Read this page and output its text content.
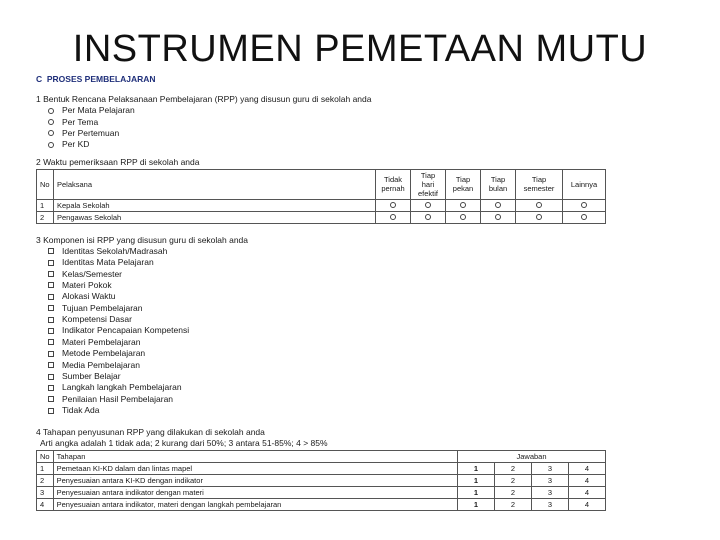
INSTRUMEN PEMETAAN MUTU
C PROSES PEMBELAJARAN
1 Bentuk Rencana Pelaksanaan Pembelajaran (RPP) yang disusun guru di sekolah anda
Per Mata Pelajaran
Per Tema
Per Pertemuan
Per KD
2 Waktu pemeriksaan RPP di sekolah anda
No	Pelaksana	Tidak pernah	Tiap hari efektif	Tiap pekan	Tiap bulan	Tiap semester	Lainnya
1	Kepala Sekolah						
2	Pengawas Sekolah						
3 Komponen isi RPP yang disusun guru di sekolah anda
Identitas Sekolah/Madrasah
Identitas Mata Pelajaran
Kelas/Semester
Materi Pokok
Alokasi Waktu
Tujuan Pembelajaran
Kompetensi Dasar
Indikator Pencapaian Kompetensi
Materi Pembelajaran
Metode Pembelajaran
Media Pembelajaran
Sumber Belajar
Langkah langkah Pembelajaran
Penilaian Hasil Pembelajaran
Tidak Ada
4 Tahapan penyusunan RPP yang dilakukan di sekolah anda
Arti angka adalah 1 tidak ada; 2 kurang dari 50%; 3 antara 51-85%; 4 > 85%
No	Tahapan	Jawaban			
1	Pemetaan KI-KD dalam dan lintas mapel	1	2	3	4
2	Penyesuaian antara KI-KD dengan indikator	1	2	3	4
3	Penyesuaian antara indikator dengan materi	1	2	3	4
4	Penyesuaian antara indikator, materi dengan langkah pembelajaran	1	2	3	4
